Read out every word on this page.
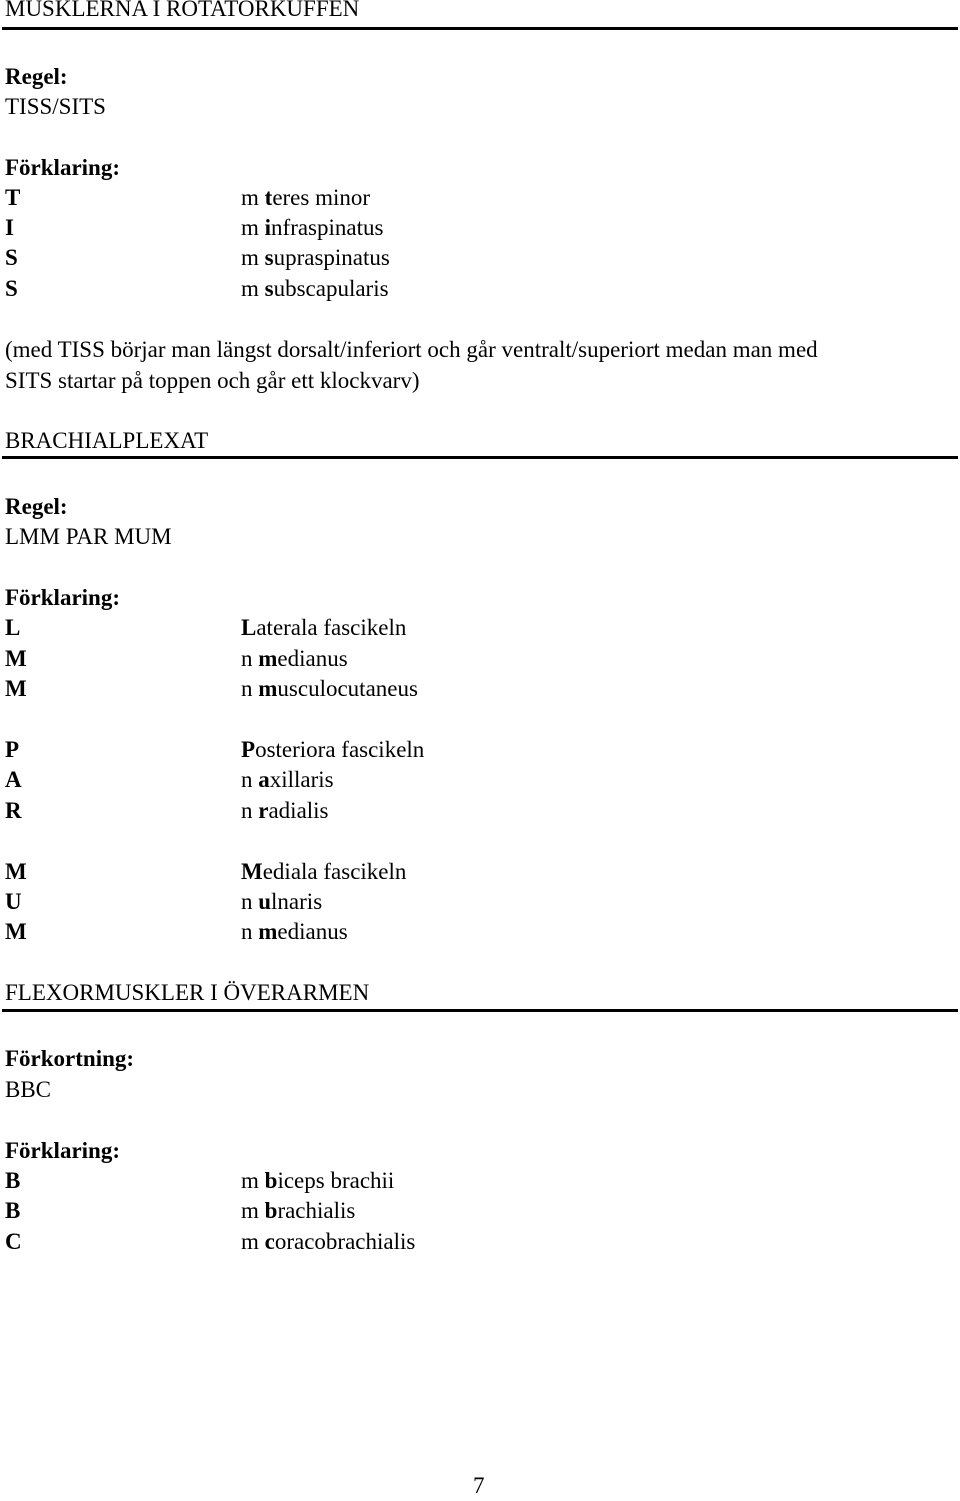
MUSKLERNA I ROTATORKUFFEN
Regel:
TISS/SITS
Förklaring:
T	m teres minor
I	m infraspinatus
S	m supraspinatus
S	m subscapularis
(med TISS börjar man längst dorsalt/inferiort och går ventralt/superiort medan man med
SITS startar på toppen och går ett klockvarv)
BRACHIALPLEXAT
Regel:
LMM PAR MUM
Förklaring:
L	Laterala fascikeln
M	n medianus
M	n musculocutaneus
P	Posteriora fascikeln
A	n axillaris
R	n radialis
M	Mediala fascikeln
U	n ulnaris
M	n medianus
FLEXORMUSKLER I ÖVERARMEN
Förkortning:
BBC
Förklaring:
B	m biceps brachii
B	m brachialis
C	m coracobrachialis
7
